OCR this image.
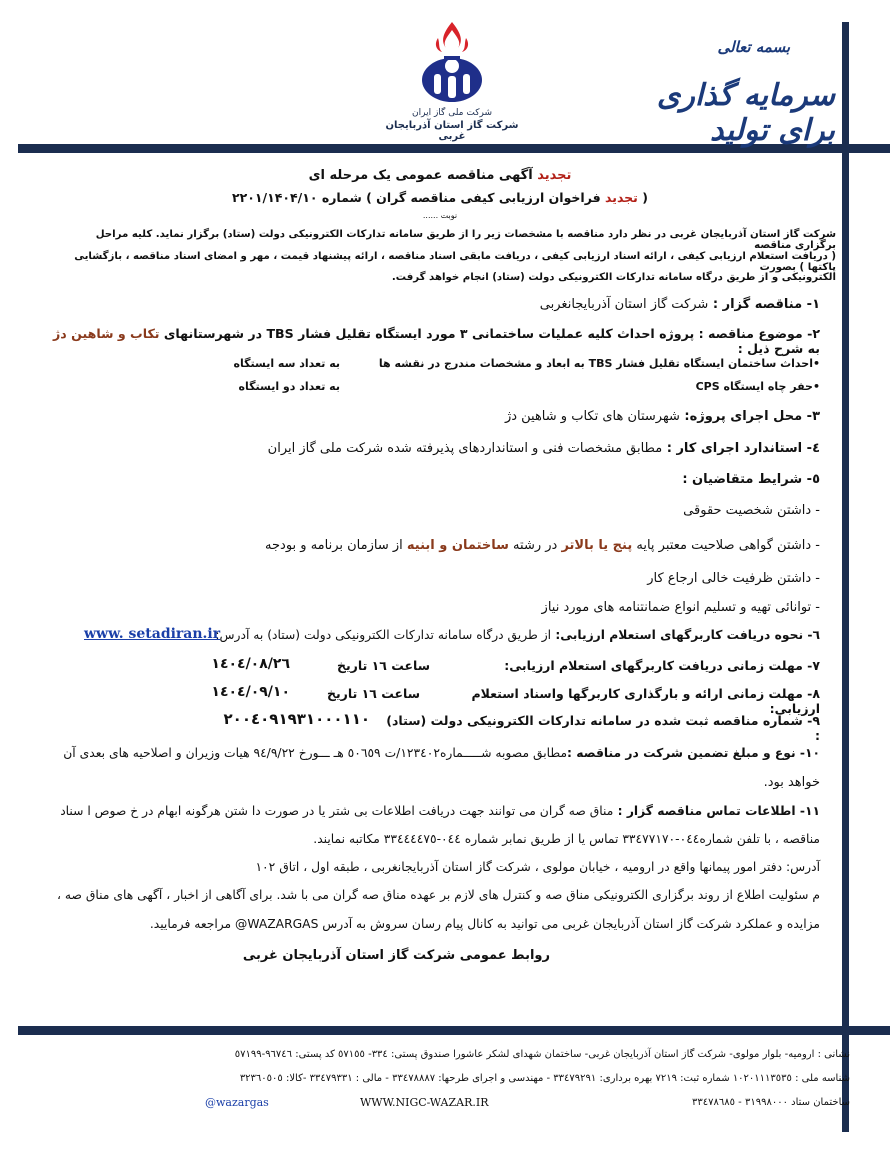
شرکت ملی گاز ایران
شرکت گاز استان آذربایجان غربی
بسمه تعالی
سرمایه گذاری برای تولید
تجدید آگهی مناقصه عمومی یک مرحله ای
( تجدید فراخوان ارزیابی کیفی مناقصه گران ) شماره ۲۲۰۱/۱۴۰۴/۱۰
نوبت ......
شرکت گاز استان آذربایجان غربی در نظر دارد مناقصه با مشخصات زیر را از طریق سامانه تدارکات الکترونیکی دولت (ستاد) برگزار نماید. کلیه مراحل برگزاری مناقصه
( دریافت استعلام ارزیابی کیفی ، ارائه اسناد ارزیابی کیفی ، دریافت مابقی اسناد مناقصه ، ارائه پیشنهاد قیمت ، مهر و امضای اسناد مناقصه ، بازگشایی پاکتها ) بصورت
الکترونیکی و از طریق درگاه سامانه تدارکات الکترونیکی دولت (ستاد) انجام خواهد گرفت.
۱- مناقصه گزار : شرکت گاز استان آذربایجانغربی
۲- موضوع مناقصه : پروژه احداث کلیه عملیات ساختمانی ۳ مورد ایستگاه تقلیل فشار TBS در شهرستانهای تکاب و شاهین دژ به شرح ذیل :
•احداث ساختمان ایستگاه تقلیل فشار TBS به ابعاد و مشخصات مندرج در نقشه ها
به تعداد سه ایستگاه
•حفر چاه ایستگاه CPS
به تعداد دو ایستگاه
۳- محل اجرای پروژه: شهرستان های تکاب و شاهین دژ
٤- استاندارد اجرای کار : مطابق مشخصات فنی و استانداردهای پذیرفته شده شرکت ملی گاز ایران
٥- شرایط متقاضیان :
- داشتن شخصیت حقوقی
- داشتن گواهی صلاحیت معتبر پایه پنج یا بالاتر در رشته ساختمان و ابنیه از سازمان برنامه و بودجه
- داشتن ظرفیت خالی ارجاع کار
- توانائی تهیه و تسلیم انواع ضمانتنامه های مورد نیاز
٦- نحوه دریافت کاربرگهای استعلام ارزیابی: از طریق درگاه سامانه تدارکات الکترونیکی دولت (ستاد) به آدرس:
www. setadiran.ir
۷- مهلت زمانی دریافت کاربرگهای استعلام ارزیابی:
ساعت ۱٦ تاریخ
۱٤٠٤/٠٨/۲٦
۸- مهلت زمانی ارائه و بارگذاری کاربرگها واسناد استعلام ارزیابی:
ساعت ۱٦ تاریخ
۱٤٠٤/٠۹/۱٠
۹- شماره مناقصه ثبت شده در سامانه تدارکات الکترونیکی دولت (ستاد) :
۲٠٠٤٠۹۱۹۳۱٠٠٠۱۱٠
۱٠- نوع و مبلغ تضمین شرکت در مناقصه :مطابق مصوبه شـــــماره۱۲۳٤٠۲/ت ٥٠٦٥۹ هـ ـــورخ ۹٤/۹/۲۲ هیات وزیران و اصلاحیه های بعدی آن
خواهد بود.
۱۱- اطلاعات تماس مناقصه گزار : مناق صه گران می توانند جهت دریافت اطلاعات بی شتر یا در صورت دا شتن هرگونه ابهام در خ صوص ا سناد
مناقصه ، با تلفن شماره٠٤٤-۳۳٤۷۷۱۷٠ تماس یا از طریق نمابر شماره ٠٤٤-۳۳٤٤٤٤۷٥ مکاتبه نمایند.
آدرس: دفتر امور پیمانها واقع در ارومیه ، خیابان مولوی ، شرکت گاز استان آذربایجانغربی ، طبقه اول ، اتاق ۱٠۲
م سئولیت اطلاع از روند برگزاری الکترونیکی مناق صه و کنترل های لازم بر عهده مناق صه گران می با شد. برای آگاهی از اخبار ، آگهی های مناق صه ،
مزایده و عملکرد شرکت گاز استان آذربایجان غربی می توانید به کانال پیام رسان سروش به آدرس WAZARGAS@ مراجعه فرمایید.
روابط عمومی شرکت گاز استان آذربایجان غربی
نشانی : ارومیه- بلوار مولوی- شرکت گاز استان آذربایجان غربی- ساختمان شهدای لشکر عاشورا صندوق پستی: ۳۳٤- ٥۷۱٥٥ کد پستی: ۹٦۷٤٦-٥۷۱۹۹
شناسه ملی : ۱٠۲٠۱۱۱۳٥۳٥ شماره ثبت: ۷۲۱۹ بهره برداری: ۳۳٤۷۹۲۹۱ - مهندسی و اجرای طرحها: ۳۳٤۷۸۸۸۷ - مالی : ۳۳٤۷۹۳۳۱ -کالا: ۳۲۳٦٠٥٠٥
ساختمان ستاد ۳۱۹۹۸٠٠٠ - ۳۳٤۷۸٦۸٥
WWW.NIGC-WAZAR.IR
@wazargas
